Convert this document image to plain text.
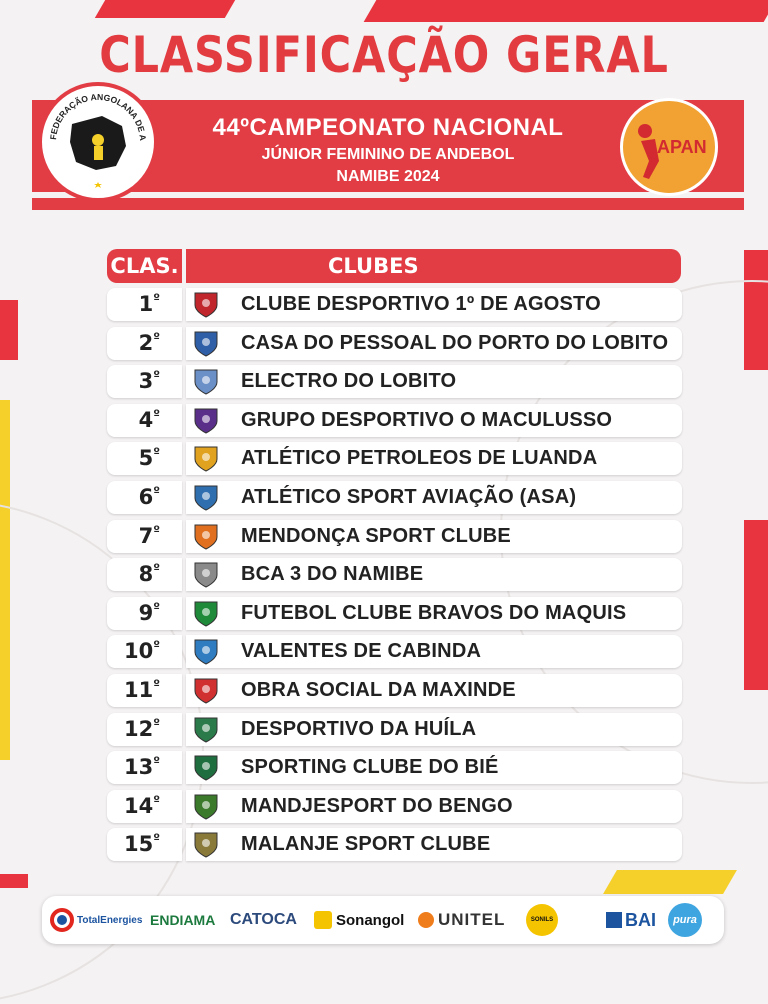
CLASSIFICAÇÃO GERAL
44ºCAMPEONATO NACIONAL
JÚNIOR FEMININO DE ANDEBOL
NAMIBE 2024
FEDERAÇÃO ANGOLANA DE A	APAN
CLAS.	CLUBES
$1^º$	CLUBE DESPORTIVO 1º DE AGOSTO
$2^º$	CASA DO PESSOAL DO PORTO DO LOBITO
$3^º$	ELECTRO DO LOBITO
$4^º$	GRUPO DESPORTIVO O MACULUSSO
$5^º$	ATLÉTICO PETROLEOS DE LUANDA
$6^º$	ATLÉTICO SPORT AVIAÇÃO (ASA)
$7^º$	MENDONÇA SPORT CLUBE
$8^º$	BCA 3 DO NAMIBE
$9^º$	FUTEBOL CLUBE BRAVOS DO MAQUIS
$10^º$	VALENTES DE CABINDA
$11^º$	OBRA SOCIAL DA MAXINDE
$12^º$	DESPORTIVO DA HUÍLA
$13^º$	SPORTING CLUBE DO BIÉ
$14^º$	MANDJESPORT DO BENGO
$15^º$	MALANJE SPORT CLUBE
TotalEnergies ENDIAMA CATOCA	Sonangol UNITEL	SONILS	BAI pura
